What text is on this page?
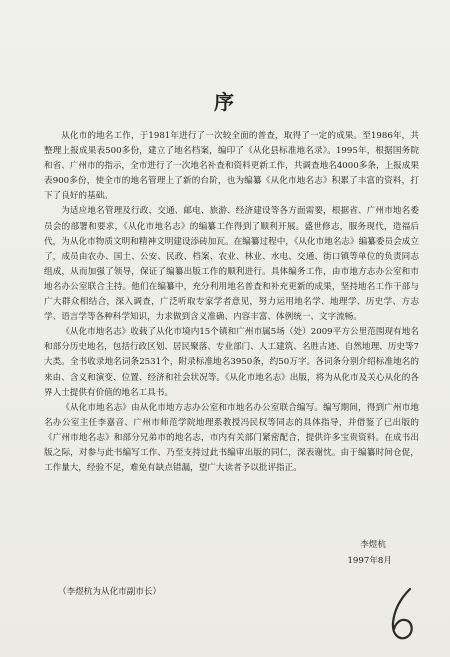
序

从化市的地名工作，于1981年进行了一次较全面的普查，取得了一定的成果。至1986年，共整理上报成果表500多份，建立了地名档案，编印了《从化县标准地名录》。1995年，根据国务院和省、广州市的指示，全市进行了一次地名补查和资料更新工作，共调查地名4000多条，上报成果表900多份，使全市的地名管理上了新的台阶，也为编纂《从化市地名志》积累了丰富的资料，打下了良好的基础。

为适应地名管理及行政、交通、邮电、旅游、经济建设等各方面需要，根据省、广州市地名委员会的部署和要求，《从化市地名志》的编纂工作得到了顺利开展。盛世修志，服务现代，造福后代，为从化市物质文明和精神文明建设添砖加瓦。在编纂过程中，《从化市地名志》编纂委员会成立了，成员由农办、国土、公安、民政、档案、农业、林业、水电、交通、街口镇等单位的负责同志组成，从而加强了领导，保证了编纂出版工作的顺利进行。具体编务工作，由市地方志办公室和市地名办公室联合主持。他们在编纂中，充分利用地名普查和补充更新的成果，坚持地名工作干部与广大群众相结合，深入调查，广泛听取专家学者意见，努力运用地名学、地理学、历史学、方志学、语言学等各种科学知识，力求做到含义准确、内容丰富、体例统一、文字流畅。

《从化市地名志》收载了从化市境内15个镇和广州市属5场（处）2009平方公里范围现有地名和部分历史地名，包括行政区划、居民聚落、专业部门、人工建筑、名胜古迹、自然地理、历史等7大类。全书收录地名词条2531个，附录标准地名3950条，约50万字。各词条分别介绍标准地名的来由、含义和演变、位置、经济和社会状况等。《从化市地名志》出版，将为从化市及关心从化的各界人士提供有价值的地名工具书。

《从化市地名志》由从化市地方志办公室和市地名办公室联合编写。编写期间，得到广州市地名办公室主任李嘉音、广州市师范学院地理系教授冯民权等同志的具体指导，并借鉴了已出版的《广州市地名志》和部分兄弟市的地名志，市内有关部门紧密配合，提供许多宝贵资料。在成书出版之际，对参与此书编写工作、乃至支持过此书编审出版的同仁，深表谢忱。由于编纂时间仓促，工作量大，经验不足，难免有缺点错漏，望广大读者予以批评指正。

李煜杭
1997年8月
（李煜杭为从化市副市长）
